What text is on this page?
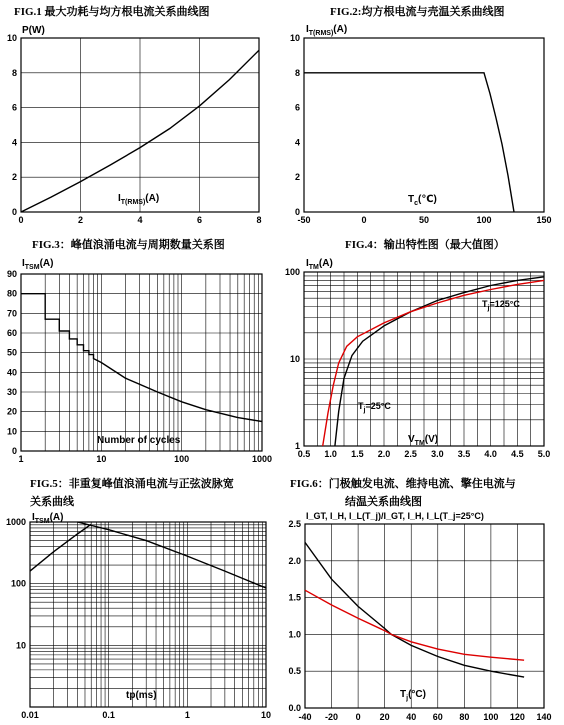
FIG.1 最大功耗与均方根电流关系曲线图	FIG.2:均方根电流与壳温关系曲线图
FIG.3：峰值浪涌电流与周期数量关系图	FIG.4：输出特性图（最大值图）
FIG.5：非重复峰值浪涌电流与正弦波脉宽
关系曲线
FIG.6：门极触发电流、维持电流、擎住电流与
结温关系曲线图
0	2	4	6	8
0
2
4
6
8
10
P(W)
$I_{T(RMS)}(A)$
-50	0	50	100	150
0
2
4
6
8
10
$I_{T(RMS)}(A)$
$T_c(℃)$
1	10	100	1000
0
10
20
30
40
50
60
70
80
90
$I_{TSM}(A)$
Number of cycles
0.5 1.0 1.5 2.0 2.5 3.0 3.5 4.0 4.5 5.0
1
10
100
$I_{TM}(A)$
$V_{TM}(V)$
$T_j=25^\circ C$
$T_j=125^\circ C$
0.01	0.1	1	10
10
100
1000 $I_{TSM}(A)$
tp(ms)
-40 -20 0 20 40 60 80 100 120 140
0.0
0.5
1.0
1.5
2.0
2.5
I_GT, I_H, I_L(T_j)/I_GT, I_H, I_L(T_j=25°C)
$T_j(^\circ C)$
